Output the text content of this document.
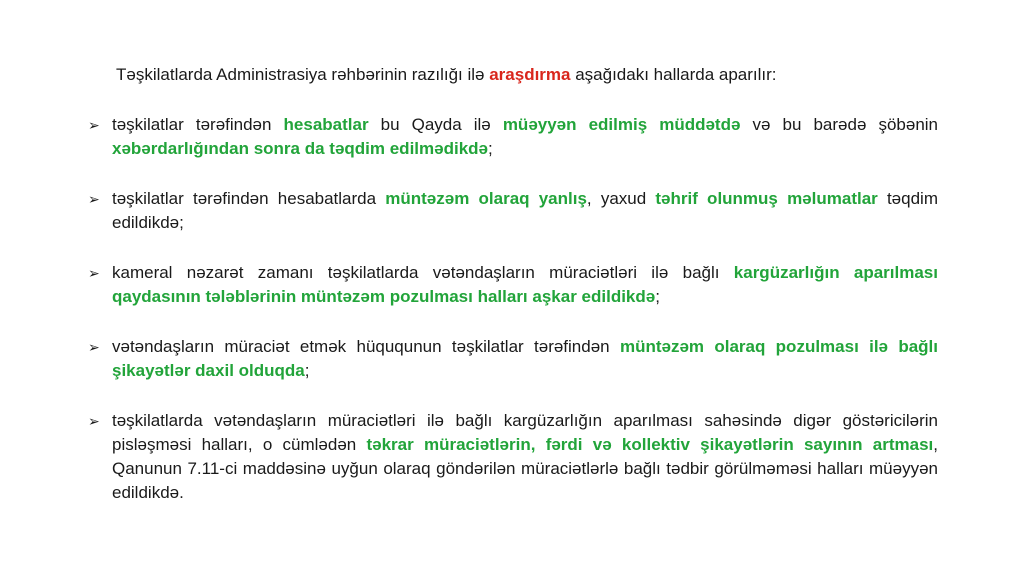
Təşkilatlarda Administrasiya rəhbərinin razılığı ilə araşdırma aşağıdakı hallarda aparılır:

➢ təşkilatlar tərəfindən hesabatlar bu Qayda ilə müəyyən edilmiş müddətdə və bu barədə şöbənin xəbərdarlığından sonra da təqdim edilmədikdə;
➢ təşkilatlar tərəfindən hesabatlarda müntəzəm olaraq yanlış, yaxud təhrif olunmuş məlumatlar təqdim edildikdə;
➢ kameral nəzarət zamanı təşkilatlarda vətəndaşların müraciətləri ilə bağlı kargüzarlığın aparılması qaydasının tələblərinin müntəzəm pozulması halları aşkar edildikdə;
➢ vətəndaşların müraciət etmək hüququnun təşkilatlar tərəfindən müntəzəm olaraq pozulması ilə bağlı şikayətlər daxil olduqda;
➢ təşkilatlarda vətəndaşların müraciətləri ilə bağlı kargüzarlığın aparılması sahəsində digər göstəricilərin pisləşməsi halları, o cümlədən təkrar müraciətlərin, fərdi və kollektiv şikayətlərin sayının artması, Qanunun 7.11-ci maddəsinə uyğun olaraq göndərilən müraciətlərlə bağlı tədbir görülməməsi halları müəyyən edildikdə.
